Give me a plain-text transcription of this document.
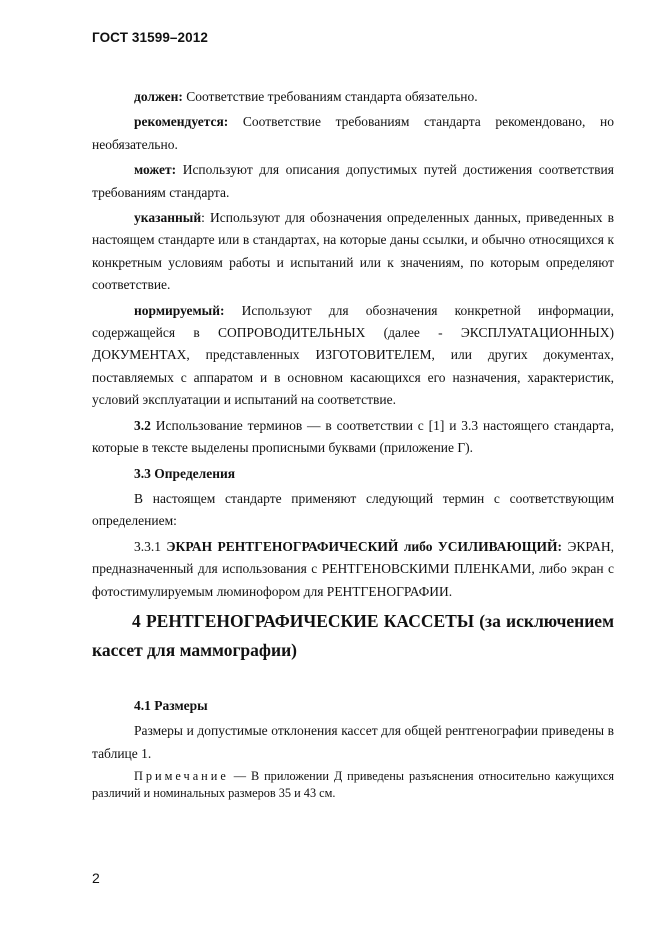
ГОСТ 31599–2012

должен: Соответствие требованиям стандарта обязательно.

рекомендуется: Соответствие требованиям стандарта рекомендовано, но необязательно.

может: Используют для описания допустимых путей достижения соответствия требованиям стандарта.

указанный: Используют для обозначения определенных данных, приведенных в настоящем стандарте или в стандартах, на которые даны ссылки, и обычно относящихся к конкретным условиям работы и испытаний или к значениям, по которым определяют соответствие.

нормируемый: Используют для обозначения конкретной информации, содержащейся в СОПРОВОДИТЕЛЬНЫХ (далее - ЭКСПЛУАТАЦИОННЫХ) ДОКУМЕНТАХ, представленных ИЗГОТОВИТЕЛЕМ, или других документах, поставляемых с аппаратом и в основном касающихся его назначения, характеристик, условий эксплуатации и испытаний на соответствие.

3.2 Использование терминов — в соответствии с [1] и 3.3 настоящего стандарта, которые в тексте выделены прописными буквами (приложение Г).

3.3 Определения

В настоящем стандарте применяют следующий термин с соответствующим определением:

3.3.1 ЭКРАН РЕНТГЕНОГРАФИЧЕСКИЙ либо УСИЛИВАЮЩИЙ: ЭКРАН, предназначенный для использования с РЕНТГЕНОВСКИМИ ПЛЕНКАМИ, либо экран с фотостимулируемым люминофором для РЕНТГЕНОГРАФИИ.

4 РЕНТГЕНОГРАФИЧЕСКИЕ КАССЕТЫ (за исключением кассет для маммографии)

4.1 Размеры

Размеры и допустимые отклонения кассет для общей рентгенографии приведены в таблице 1.

Примечание — В приложении Д приведены разъяснения относительно кажущихся различий и номинальных размеров 35 и 43 см.

2
